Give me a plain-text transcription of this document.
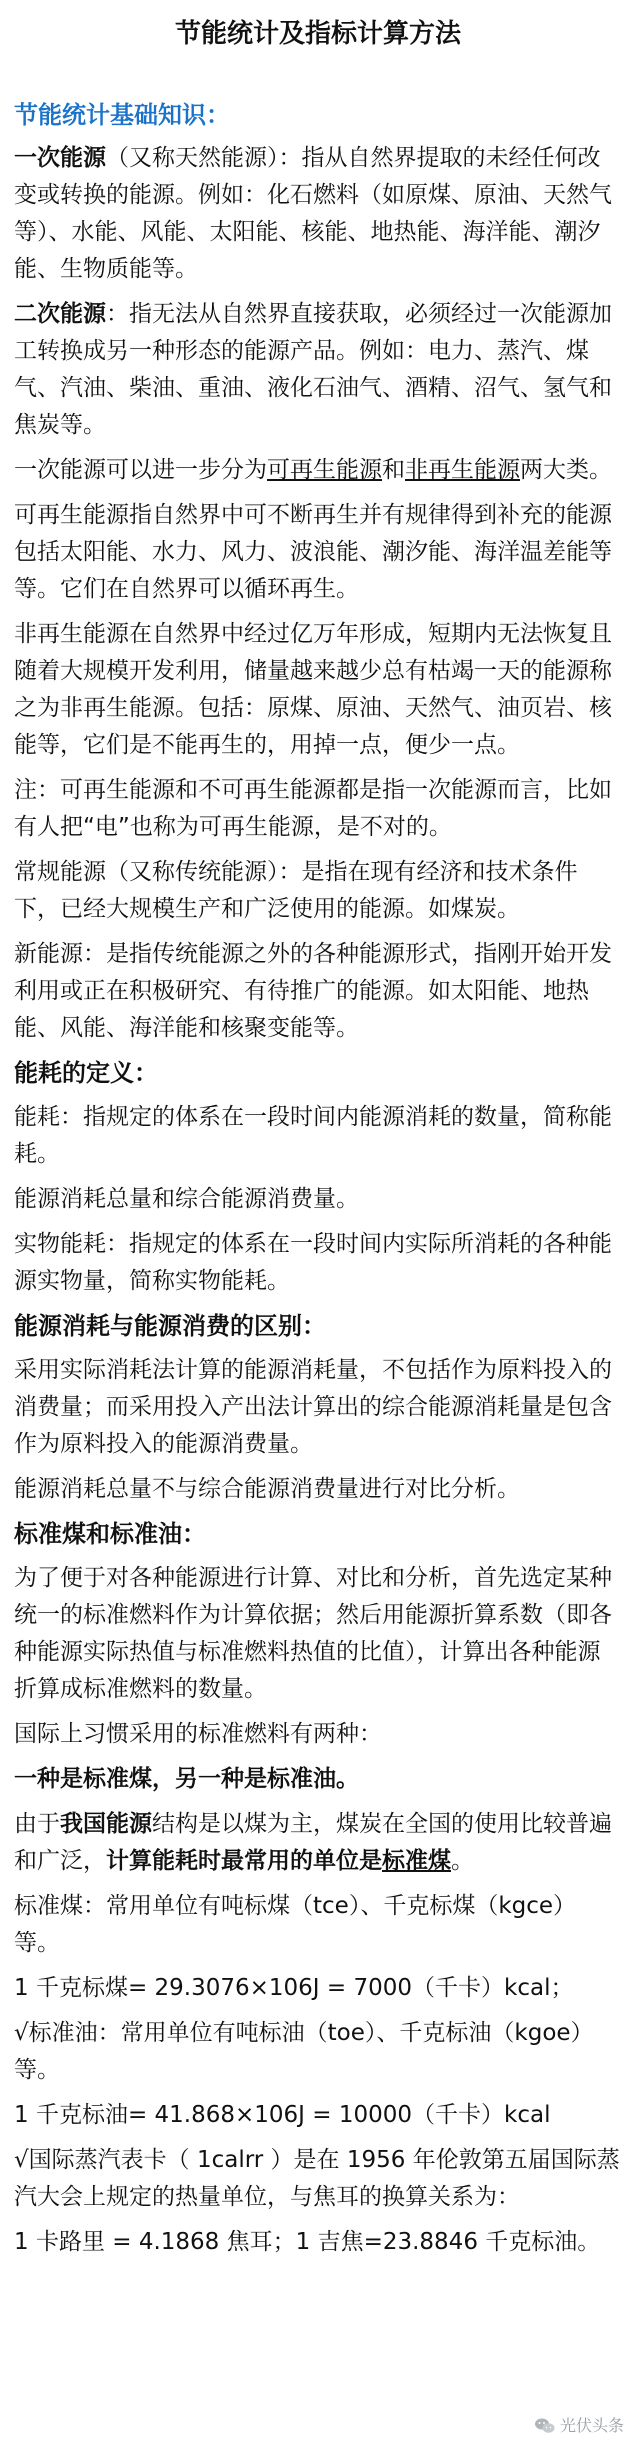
节能统计及指标计算方法
节能统计基础知识：

一次能源（又称天然能源）：指从自然界提取的未经任何改变或转换的能源。例如：化石燃料（如原煤、原油、天然气等）、水能、风能、太阳能、核能、地热能、海洋能、潮汐能、生物质能等。

二次能源：指无法从自然界直接获取，必须经过一次能源加工转换成另一种形态的能源产品。例如：电力、蒸汽、煤气、汽油、柴油、重油、液化石油气、酒精、沼气、氢气和焦炭等。

一次能源可以进一步分为可再生能源和非再生能源两大类。

可再生能源指自然界中可不断再生并有规律得到补充的能源包括太阳能、水力、风力、波浪能、潮汐能、海洋温差能等等。它们在自然界可以循环再生。

非再生能源在自然界中经过亿万年形成，短期内无法恢复且随着大规模开发利用，储量越来越少总有枯竭一天的能源称之为非再生能源。包括：原煤、原油、天然气、油页岩、核能等，它们是不能再生的，用掉一点，便少一点。

注：可再生能源和不可再生能源都是指一次能源而言，比如有人把“电”也称为可再生能源，是不对的。

常规能源（又称传统能源）：是指在现有经济和技术条件下，已经大规模生产和广泛使用的能源。如煤炭。

新能源：是指传统能源之外的各种能源形式，指刚开始开发利用或正在积极研究、有待推广的能源。如太阳能、地热能、风能、海洋能和核聚变能等。

能耗的定义：

能耗：指规定的体系在一段时间内能源消耗的数量，简称能耗。

能源消耗总量和综合能源消费量。

实物能耗：指规定的体系在一段时间内实际所消耗的各种能源实物量，简称实物能耗。

能源消耗与能源消费的区别：

采用实际消耗法计算的能源消耗量，不包括作为原料投入的消费量；而采用投入产出法计算出的综合能源消耗量是包含作为原料投入的能源消费量。

能源消耗总量不与综合能源消费量进行对比分析。

标准煤和标准油：

为了便于对各种能源进行计算、对比和分析，首先选定某种统一的标准燃料作为计算依据；然后用能源折算系数（即各种能源实际热值与标准燃料热值的比值），计算出各种能源折算成标准燃料的数量。

国际上习惯采用的标准燃料有两种：

一种是标准煤，另一种是标准油。

由于我国能源结构是以煤为主，煤炭在全国的使用比较普遍和广泛，计算能耗时最常用的单位是标准煤。

标准煤：常用单位有吨标煤（tce）、千克标煤（kgce）等。

1 千克标煤= 29.3076×106J = 7000（千卡）kcal；

√标准油：常用单位有吨标油（toe）、千克标油（kgoe）等。

1 千克标油= 41.868×106J = 10000（千卡）kcal

√国际蒸汽表卡（ 1calrr ）是在 1956 年伦敦第五届国际蒸汽大会上规定的热量单位，与焦耳的换算关系为：

1 卡路里 = 4.1868 焦耳；1 吉焦=23.8846 千克标油。

光伏头条
